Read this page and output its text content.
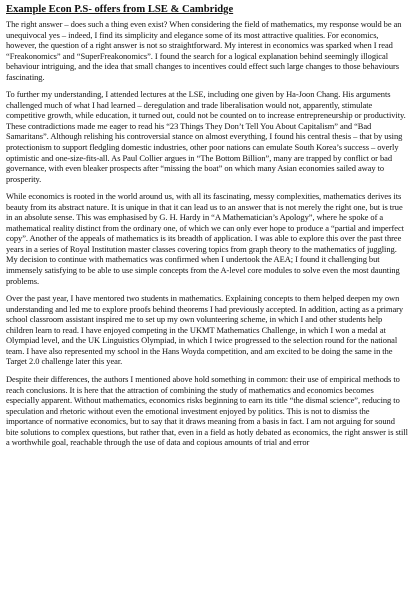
Example Econ P.S- offers from LSE & Cambridge

The right answer – does such a thing even exist? When considering the field of mathematics, my response would be an unequivocal yes – indeed, I find its simplicity and elegance some of its most attractive qualities. For economics, however, the question of a right answer is not so straightforward. My interest in economics was sparked when I read “Freakonomics” and “SuperFreakonomics”. I found the search for a logical explanation behind seemingly illogical behaviour intriguing, and the idea that small changes to incentives could effect such large changes to those behaviours fascinating.

To further my understanding, I attended lectures at the LSE, including one given by Ha-Joon Chang. His arguments challenged much of what I had learned – deregulation and trade liberalisation would not, apparently, stimulate competitive growth, while education, it turned out, could not be counted on to increase entrepreneurship or productivity. These contradictions made me eager to read his “23 Things They Don’t Tell You About Capitalism” and “Bad Samaritans”. Although relishing his controversial stance on almost everything, I found his central thesis – that by using protectionism to support fledgling domestic industries, other poor nations can emulate South Korea’s success – overly optimistic and one-size-fits-all. As Paul Collier argues in “The Bottom Billion”, many are trapped by conflict or bad governance, with even bleaker prospects after “missing the boat” on which many Asian economies sailed away to prosperity.

While economics is rooted in the world around us, with all its fascinating, messy complexities, mathematics derives its beauty from its abstract nature. It is unique in that it can lead us to an answer that is not merely the right one, but is true in an absolute sense. This was emphasised by G. H. Hardy in “A Mathematician’s Apology”, where he spoke of a mathematical reality distinct from the ordinary one, of which we can only ever hope to produce a “partial and imperfect copy”. Another of the appeals of mathematics is its breadth of application. I was able to explore this over the past three years in a series of Royal Institution master classes covering topics from graph theory to the mathematics of juggling. My decision to continue with mathematics was confirmed when I undertook the AEA; I found it challenging but immensely satisfying to be able to use simple concepts from the A-level core modules to solve even the most daunting problems.

Over the past year, I have mentored two students in mathematics. Explaining concepts to them helped deepen my own understanding and led me to explore proofs behind theorems I had previously accepted. In addition, acting as a primary school classroom assistant inspired me to set up my own volunteering scheme, in which I and other students help children learn to read. I have enjoyed competing in the UKMT Mathematics Challenge, in which I won a medal at Olympiad level, and the UK Linguistics Olympiad, in which I twice progressed to the selection round for the national team. I have also represented my school in the Hans Woyda competition, and am excited to be doing the same in the Target 2.0 challenge later this year.

Despite their differences, the authors I mentioned above hold something in common: their use of empirical methods to reach conclusions. It is here that the attraction of combining the study of mathematics and economics becomes especially apparent. Without mathematics, economics risks beginning to earn its title “the dismal science”, reducing to speculation and rhetoric without even the emotional investment enjoyed by politics. This is not to dismiss the importance of normative economics, but to say that it draws meaning from a basis in fact. I am not arguing for sound bite solutions to complex questions, but rather that, even in a field as hotly debated as economics, the right answer is still a worthwhile goal, reachable through the use of data and copious amounts of trial and error
